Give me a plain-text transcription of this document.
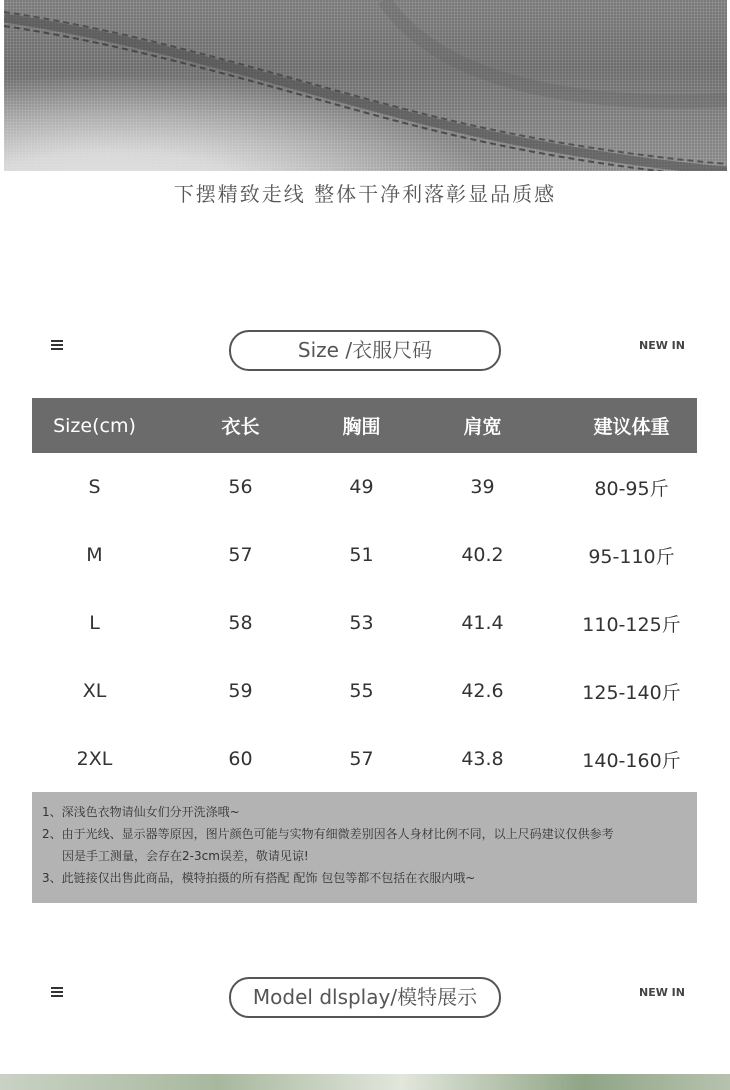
下摆精致走线 整体干净利落彰显品质感
Size /衣服尺码	NEW IN
Size(cm)	衣长	胸围	肩宽	建议体重
S	56	49	39	80-95斤
M	57	51	40.2	95-110斤
L	58	53	41.4	110-125斤
XL	59	55	42.6	125-140斤
2XL	60	57	43.8	140-160斤
1、深浅色衣物请仙女们分开洗涤哦~
2、由于光线、显示器等原因，图片颜色可能与实物有细微差别因各人身材比例不同，以上尺码建议仅供参考
因是手工测量，会存在2-3cm误差，敬请见谅!
3、此链接仅出售此商品，模特拍摄的所有搭配 配饰 包包等都不包括在衣服内哦~
Model dlsplay/模特展示	NEW IN
